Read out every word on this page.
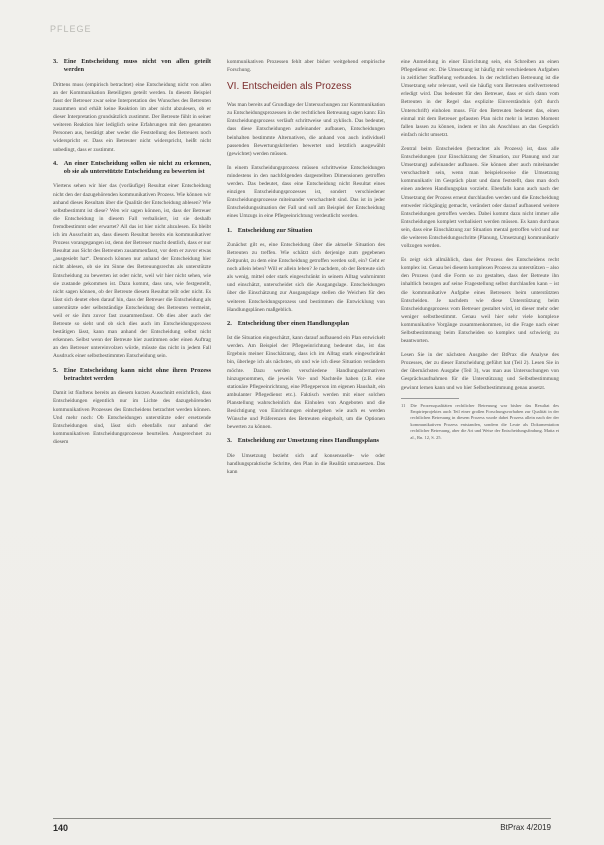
PFLEGE
3. Eine Entscheidung muss nicht von allen geteilt werden

Drittens muss (empirisch betrachtet) eine Entscheidung nicht von allen an der Kommunikation Beteiligten geteilt werden. In diesem Beispiel fasst der Betreuer zwar seine Interpretation des Wunsches des Betreuten zusammen und erhält keine Reaktion im aber nicht abzulesen, ob er dieser Interpretation grundsätzlich zustimmt. Der Betreute fühlt in seiner weiteren Reaktion hier lediglich seine Erfahrungen mit den genannten Personen aus, bestätigt aber weder die Feststellung des Betreuers noch widerspricht er. Dass ein Betreuter nicht widerspricht, heißt nicht unbedingt, dass er zustimmt.

4. An einer Entscheidung sollen sie nicht zu erkennen, ob sie als unterstützte Entscheidung zu bewerten ist

Viertens sehen wir hier das (vorläufige) Resultat einer Entscheidung nicht den der dazugehörenden kommunikativen Prozess. Wie können wir anhand dieses Resultats über die Qualität der Entscheidung ablesen? Wie selbstbestimmt ist diese? Wen wir sagen können, ist, dass der Betreuer die Entscheidung in diesem Fall verbalisiert, ist sie deshalb fremdbestimmt oder erwartet? All das ist hier nicht abzulesen. Es bleibt ich im Ausschnitt an, dass diesem Resultat bereits ein kommunikativer Prozess vorangegangen ist, denn der Betreuer macht deutlich, dass er nur Resultat aus Sicht des Betreuten zusammenfasst, vor dem er zuvor etwas „ausgesiebt hat“. Dennoch können nur anhand der Entscheidung hier nicht ablesen, ob sie im Sinne des Betreuungsrechts als unterstützte Entscheidung zu bewerten ist oder nicht, weil wir hier nicht sehen, wie sie zustande gekommen ist. Dazu kommt, dass uns, wie festgestellt, nicht sagen können, ob der Betreute diesem Resultat teilt oder nicht. Es lässt sich deutet eben darauf hin, dass der Betreuer die Entscheidung als unterstützte oder selbstständige Entscheidung des Betreuten vermeint, weil er sie ihm zuvor fast zusammenfasst. Ob dies aber auch der Betreute so sieht und ob sich dies auch im Entscheidungsprozess bestätigen lässt, kann man anhand der Entscheidung selbst nicht erkennen. Selbst wenn der Betreute hier zustimmen oder einen Auftrag an den Betreuer untereinvolzen würde, müsste das nicht in jedem Fall Ausdruck einer selbstbestimmten Entscheidung sein.

5. Eine Entscheidung kann nicht ohne ihren Prozess betrachtet werden

Damit ist fünftens bereits an diesem kurzen Ausschnitt ersichtlich, dass Entscheidungen eigentlich nur im Lichte des dazugehörenden kommunikativen Prozesses des Entscheidens betrachtet werden können. Und mehr noch: Ob Entscheidungen unterstützte oder ersetzende Entscheidungen sind, lässt sich ebenfalls nur anhand der kommunikativen Entscheidungsprozesse beurteilen. Ausgerechnet zu diesem

kommunikativen Prozessen fehlt aber bisher weitgehend empirische Forschung.

VI. Entscheiden als Prozess

Was man bereits auf Grundlage der Untersuchungen zur Kommunikation zu Entscheidungsprozessen in der rechtlichen Betreuung sagen kann: Ein Entscheidungsprozess verläuft schrittweise und zyklisch. Das bedeutet, dass diese Entscheidungen aufeinander aufbauen, Entscheidungen beinhalten bestimmte Alternativen, die anhand von auch individuell passenden Bewertungskriterien bewertet und letztlich ausgewählt (gewichtet) werden müssen.

In einem Entscheidungsprozess müssen schrittweise Entscheidungen mindestens in den nachfolgenden dargestellten Dimensionen getroffen werden. Das bedeutet, dass eine Entscheidung nicht Resultat eines einzigen Entscheidungsprozesses ist, sondert verschiedener Entscheidungsprozesse miteinander verschachtelt sind. Das ist in jeder Entscheidungssituation der Fall und soll am Beispiel der Entscheidung eines Umzugs in eine Pflegeeinrichtung verdeutlicht werden.

1. Entscheidung zur Situation

Zunächst gilt es, eine Entscheidung über die aktuelle Situation des Betreuten zu treffen. Wie schätzt sich derjenige zum gegebenen Zeitpunkt, zu dem eine Entscheidung getroffen werden soll, ein? Geht er noch allein leben? Will er allein leben? Je nachdem, ob der Betreute sich als wenig, mittel oder stark eingeschränkt in seinem Alltag wahrnimmt und einschätzt, unterscheidet sich die Ausgangslage. Entscheidungen über die Einschätzung zur Ausgangslage stellen die Weichen für den weiteren Entscheidungsprozess und bestimmen die Entwicklung von Handlungsplänen maßgeblich.

2. Entscheidung über einen Handlungsplan

Ist die Situation eingeschätzt, kann darauf aufbauend ein Plan entwickelt werden. Am Beispiel der Pflegeeinrichtung bedeutet das, ist das Ergebnis meiner Einschätzung, dass ich im Alltag stark eingeschränkt bin, überlege ich als nächstes, ob und wie ich diese Situation verändern möchte. Dazu werden verschiedene Handlungsalternativen hinzugenommen, die jeweils Vor- und Nachteile haben (z.B. eine stationäre Pflegeeinrichtung, eine Pflegeperson im eigenen Haushalt, ein ambulanter Pflegedienst etc.). Faktisch werden mit einer solchen Planstellung wahrscheinlich das Einholen von Angeboten und die Besichtigung von Einrichtungen einhergehen wie auch es werden Wünsche und Präferenzen des Betreuten eingeholt, um die Optionen bewerten zu können.

3. Entscheidung zur Umsetzung eines Handlungsplans

Die Umsetzung bezieht sich auf konsensuelle- wie oder handlungspraktische Schritte, den Plan in die Realität umzusetzen. Das kann

eine Anmeldung in einer Einrichtung sein, ein Schreiben an einen Pflegedienst etc. Die Umsetzung ist häufig mit verschiedenen Aufgaben in zeitlicher Staffelung verbunden. In der rechtlichen Betreuung ist die Umsetzung sehr relevant, weil sie häufig vom Betreuten stellvertretend erledigt wird. Das bedeutet für den Betreuer, dass er sich dann vom Betreuten in der Regel das explizite Einverständnis (oft durch Unterschrift) einholen muss. Für den Betreuten bedeutet das, einen einmal mit dem Betreuer gefassten Plan nicht mehr in letzten Moment fallen lassen zu können, indem er ihn als Anschluss an das Gespräch einfach nicht umsetzt.

Zentral beim Entscheiden (betrachtet als Prozess) ist, dass alle Entscheidungen (zur Einschätzung der Situation, zur Planung und zur Umsetzung) aufeinander aufbauen. Sie können aber auch miteinander verschachtelt sein, wenn man beispielsweise die Umsetzung kommunikativ im Gespräch plant und dann feststellt, dass man doch einen anderen Handlungsplan vorzieht. Ebenfalls kann auch nach der Umsetzung der Prozess erneut durchlaufen werden und die Entscheidung entweder rückgängig gemacht, verändert oder darauf aufbauend weitere Entscheidungen getroffen werden. Dabei kommt dazu nicht immer alle Entscheidungen komplett verbalisiert werden müssen. Es kann durchaus sein, dass eine Einschätzung zur Situation mental getroffen wird und nur die weiteren Entscheidungsschritte (Planung, Umsetzung) kommunikativ vollzogen werden.

Es zeigt sich allmählich, dass der Prozess des Entscheidens recht komplex ist. Genau bei diesem komplexen Prozess zu unterstützen – also den Prozess (und die Form so zu gestalten, dass der Betreute ihn inhaltlich bezogen auf seine Fragestellung selbst durchlaufen kann – ist die kommunikative Aufgabe eines Betreuers beim unterstützten Entscheiden. Je nachdem wie diese Unterstützung beim Entscheidungsprozess vom Betreuer gestaltet wird, ist dieser mehr oder weniger selbstbestimmt. Genau weil hier sehr viele komplexe kommunikative Vorgänge zusammenkommen, ist die Frage nach einer Selbstbestimmung beim Entscheiden so komplex und schwierig zu beantworten.

Lesen Sie in der nächsten Ausgabe der BtPrax die Analyse des Prozesses, der zu dieser Entscheidung geführt hat (Teil 2). Lesen Sie in der übernächsten Ausgabe (Teil 3), was man aus Untersuchungen von Gesprächsaufnahmen für die Unterstützung und Selbstbestimmung gewinnt lernen kann und wo hier Selbstbestimmung genau ansetzt.

11 Die Prozessqualitäten rechtlicher Betreuung war bisher das Resultat des Empirieprojektes auch Teil einer großen Forschungsvorhaben zur Qualität in der rechtlichen Betreuung in diesem Prozess wurde dabei Prozess allein nach der der kommunikativen Prozess entstanden, sondern die Leute als Dokumentation rechtlicher Betreuung, aber die Art und Weise der Entscheidungsfindung. Matta et al., Rn. 12, S. 25.
140	BtPrax 4/2019
